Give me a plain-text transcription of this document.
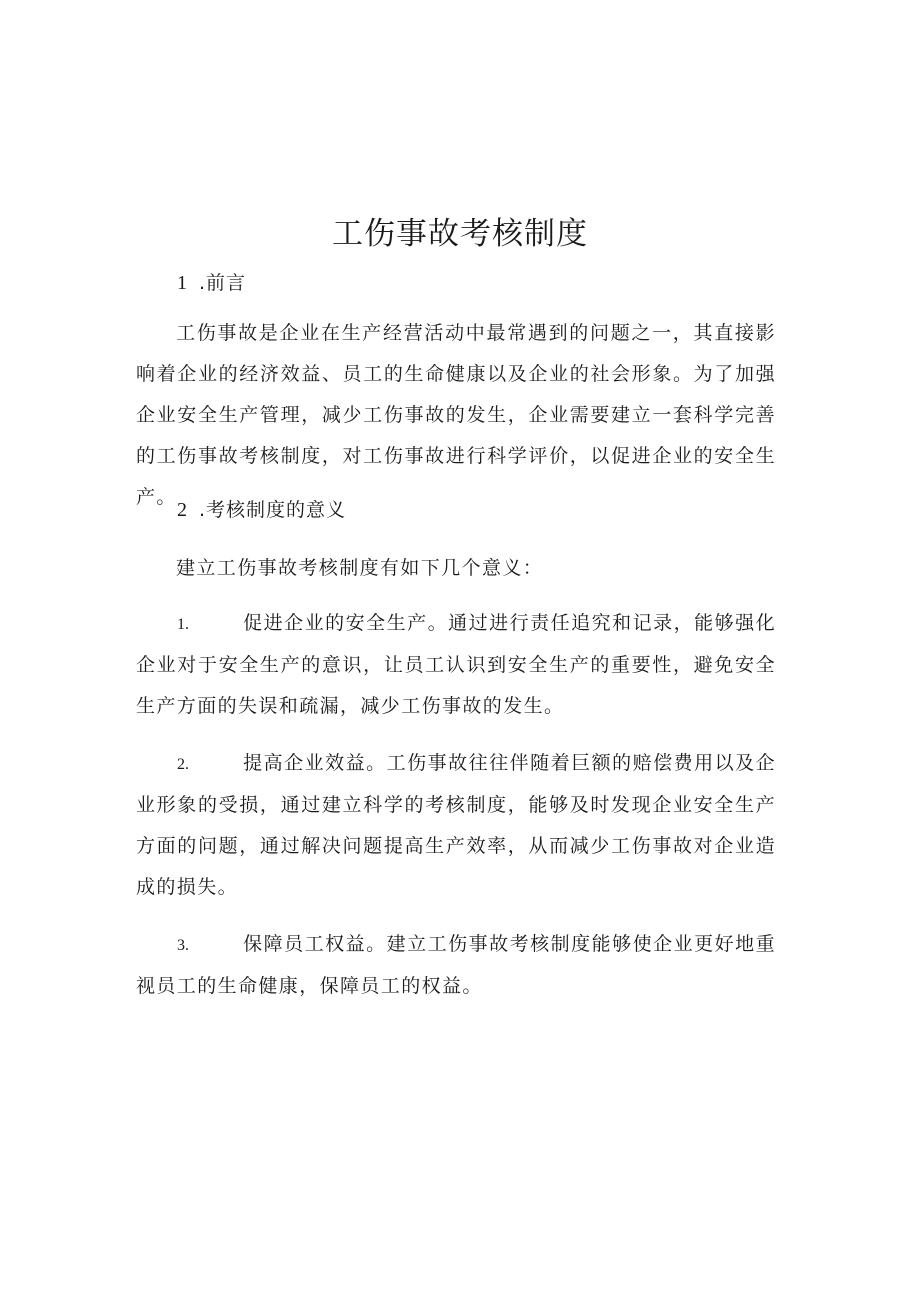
工伤事故考核制度
1 .前言

工伤事故是企业在生产经营活动中最常遇到的问题之一，其直接影响着企业的经济效益、员工的生命健康以及企业的社会形象。为了加强企业安全生产管理，减少工伤事故的发生，企业需要建立一套科学完善的工伤事故考核制度，对工伤事故进行科学评价，以促进企业的安全生产。

2 .考核制度的意义

建立工伤事故考核制度有如下几个意义：

1.	促进企业的安全生产。通过进行责任追究和记录，能够强化企业对于安全生产的意识，让员工认识到安全生产的重要性，避免安全生产方面的失误和疏漏，减少工伤事故的发生。

2.	提高企业效益。工伤事故往往伴随着巨额的赔偿费用以及企业形象的受损，通过建立科学的考核制度，能够及时发现企业安全生产方面的问题，通过解决问题提高生产效率，从而减少工伤事故对企业造成的损失。

3.	保障员工权益。建立工伤事故考核制度能够使企业更好地重视员工的生命健康，保障员工的权益。
